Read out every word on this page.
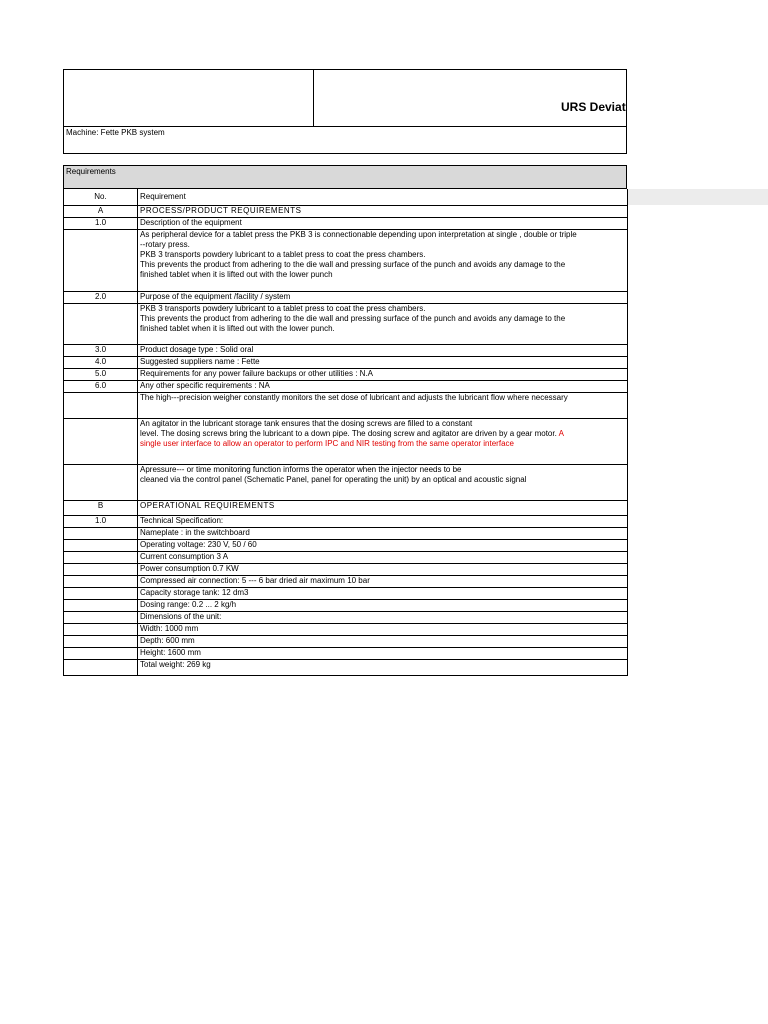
URS Deviat
Machine: Fette PKB system
Requirements
No.	Requirement
A	PROCESS/PRODUCT REQUIREMENTS

1.0	Description of the equipment

	As peripheral device for a tablet press the PKB 3 is connectionable depending upon interpretation at single , double or triple
--rotary press.
PKB 3 transports powdery lubricant to a tablet press to coat the press chambers.
This prevents the product from adhering to the die wall and pressing surface of the punch and avoids any damage to the
finished tablet when it is lifted out with the lower punch

2.0	Purpose of the equipment /facility / system

	PKB 3 transports powdery lubricant to a tablet press to coat the press chambers.
This prevents the product from adhering to the die wall and pressing surface of the punch and avoids any damage to the
finished tablet when it is lifted out with the lower punch.

3.0	Product dosage type : Solid oral

4.0	Suggested suppliers name : Fette

5.0	Requirements for any power failure backups or other utilities : N.A

6.0	Any other specific requirements : NA

	The high---precision weigher constantly monitors the set dose of lubricant and adjusts the lubricant flow where necessary

	An agitator in the lubricant storage tank ensures that the dosing screws are filled to a constant
level. The dosing screws bring the lubricant to a down pipe. The dosing screw and agitator are driven by a gear motor. A
single user interface to allow an operator to perform IPC and NIR testing from the same operator interface

	Apressure--- or time monitoring function informs the operator when the injector needs to be
cleaned via the control panel (Schematic Panel, panel for operating the unit) by an optical and acoustic signal

B	OPERATIONAL REQUIREMENTS

1.0	Technical Specification:

	Nameplate : in the switchboard

	Operating voltage: 230 V, 50 / 60

	Current consumption 3 A

	Power consumption 0.7 KW

	Compressed air connection: 5 --- 6 bar dried air maximum 10 bar

	Capacity storage tank: 12 dm3

	Dosing range: 0.2 ... 2 kg/h

	Dimensions of the unit:

	Width: 1000 mm

	Depth: 600 mm

	Height: 1600 mm

	Total weight: 269 kg
